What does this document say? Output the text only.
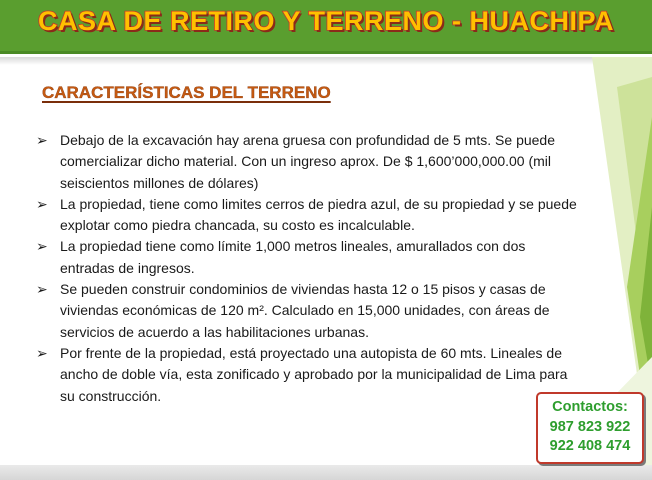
CASA DE RETIRO Y TERRENO - HUACHIPA
CARACTERÍSTICAS DEL TERRENO
➢ Debajo de la excavación hay arena gruesa con profundidad de 5 mts. Se puede
comercializar dicho material. Con un ingreso aprox. De $ 1,600’000,000.00 (mil
seiscientos millones de dólares)
➢ La propiedad, tiene como limites cerros de piedra azul, de su propiedad y se puede
explotar como piedra chancada, su costo es incalculable.
➢ La propiedad tiene como límite 1,000 metros lineales, amurallados con dos
entradas de ingresos.
➢ Se pueden construir condominios de viviendas hasta 12 o 15 pisos y casas de
viviendas económicas de 120 m². Calculado en 15,000 unidades, con áreas de
servicios de acuerdo a las habilitaciones urbanas.
➢ Por frente de la propiedad, está proyectado una autopista de 60 mts. Lineales de
ancho de doble vía, esta zonificado y aprobado por la municipalidad de Lima para
su construcción.
Contactos:
987 823 922
922 408 474
